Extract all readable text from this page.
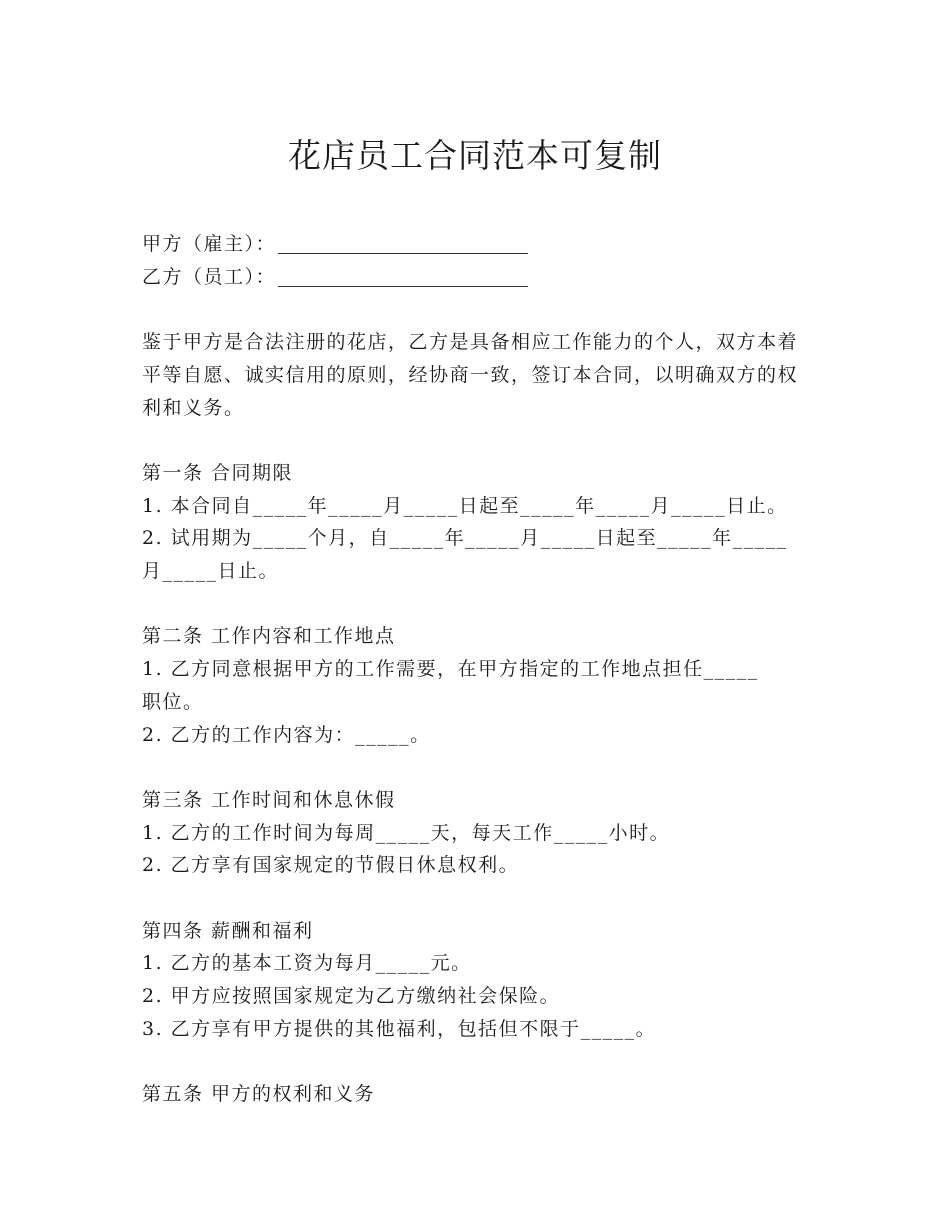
花店员工合同范本可复制
甲方（雇主）：
乙方（员工）：
鉴于甲方是合法注册的花店，乙方是具备相应工作能力的个人，双方本着平等自愿、诚实信用的原则，经协商一致，签订本合同，以明确双方的权利和义务。
第一条 合同期限
1. 本合同自_____年_____月_____日起至_____年_____月_____日止。
2. 试用期为_____个月，自_____年_____月_____日起至_____年_____
月_____日止。
第二条 工作内容和工作地点
1. 乙方同意根据甲方的工作需要，在甲方指定的工作地点担任_____
职位。
2. 乙方的工作内容为：_____。
第三条 工作时间和休息休假
1. 乙方的工作时间为每周_____天，每天工作_____小时。
2. 乙方享有国家规定的节假日休息权利。
第四条 薪酬和福利
1. 乙方的基本工资为每月_____元。
2. 甲方应按照国家规定为乙方缴纳社会保险。
3. 乙方享有甲方提供的其他福利，包括但不限于_____。
第五条 甲方的权利和义务
